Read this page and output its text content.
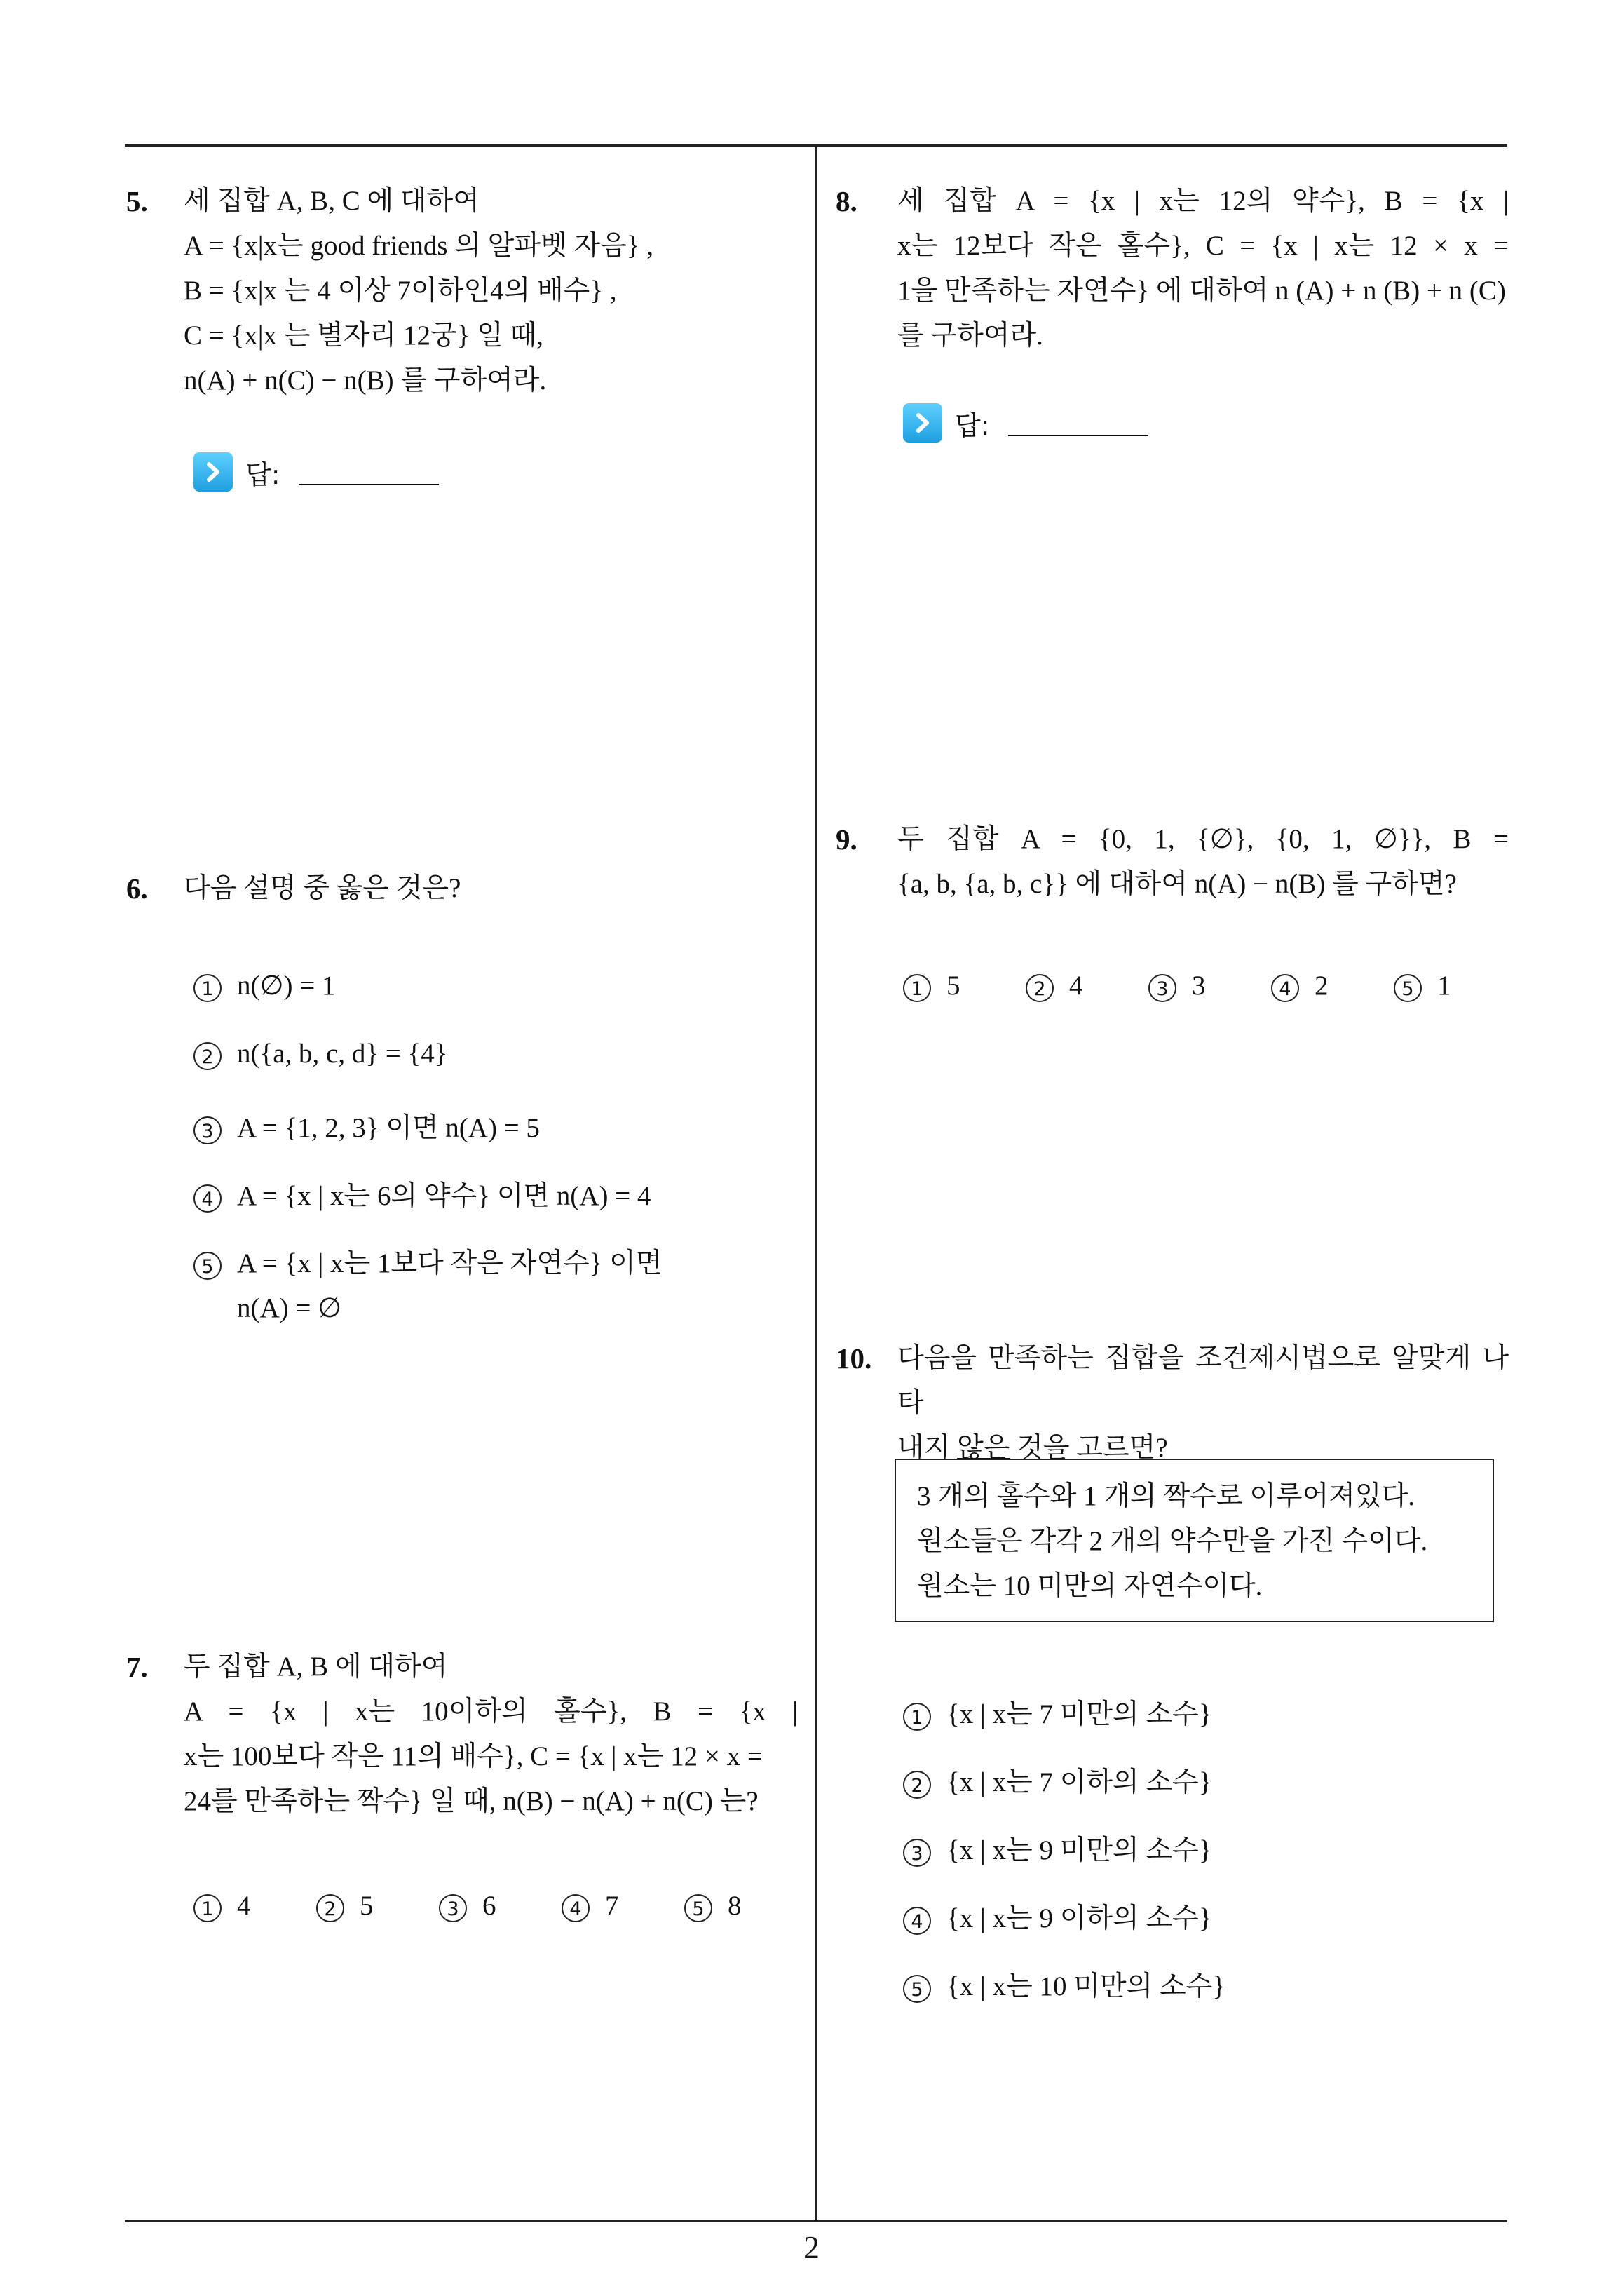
5. 세 집합 A, B, C 에 대하여
A = {x|x는 good friends 의 알파벳 자음} ,
B = {x|x 는 4 이상 7이하인4의 배수} ,
C = {x|x 는 별자리 12궁} 일 때,
n(A) + n(C) − n(B) 를 구하여라.
답:
6. 다음 설명 중 옳은 것은?
1 n(∅) = 1
2 n({a, b, c, d} = {4}
3 A = {1, 2, 3} 이면 n(A) = 5
4 A = {x | x는 6의 약수} 이면 n(A) = 4
5 A = {x | x는 1보다 작은 자연수} 이면
n(A) = ∅
7. 두 집합 A, B 에 대하여
A = {x | x는 10이하의 홀수}, B = {x |
x는 100보다 작은 11의 배수}, C = {x | x는 12 × x =
24를 만족하는 짝수} 일 때, n(B) − n(A) + n(C) 는?
1 4	2 5	3 6	4 7	5 8
8. 세 집합 A = {x | x는 12의 약수}, B = {x |
x는 12보다 작은 홀수}, C = {x | x는 12 × x =
1을 만족하는 자연수} 에 대하여 n (A) + n (B) + n (C)
를 구하여라.
답:
9. 두 집합 A = {0, 1, {∅}, {0, 1, ∅}}, B =
{a, b, {a, b, c}} 에 대하여 n(A) − n(B) 를 구하면?
1 5	2 4	3 3	4 2	5 1
10. 다음을 만족하는 집합을 조건제시법으로 알맞게 나타
내지 않은 것을 고르면?
3 개의 홀수와 1 개의 짝수로 이루어져있다.
원소들은 각각 2 개의 약수만을 가진 수이다.
원소는 10 미만의 자연수이다.
1 {x | x는 7 미만의 소수}
2 {x | x는 7 이하의 소수}
3 {x | x는 9 미만의 소수}
4 {x | x는 9 이하의 소수}
5 {x | x는 10 미만의 소수}
2
